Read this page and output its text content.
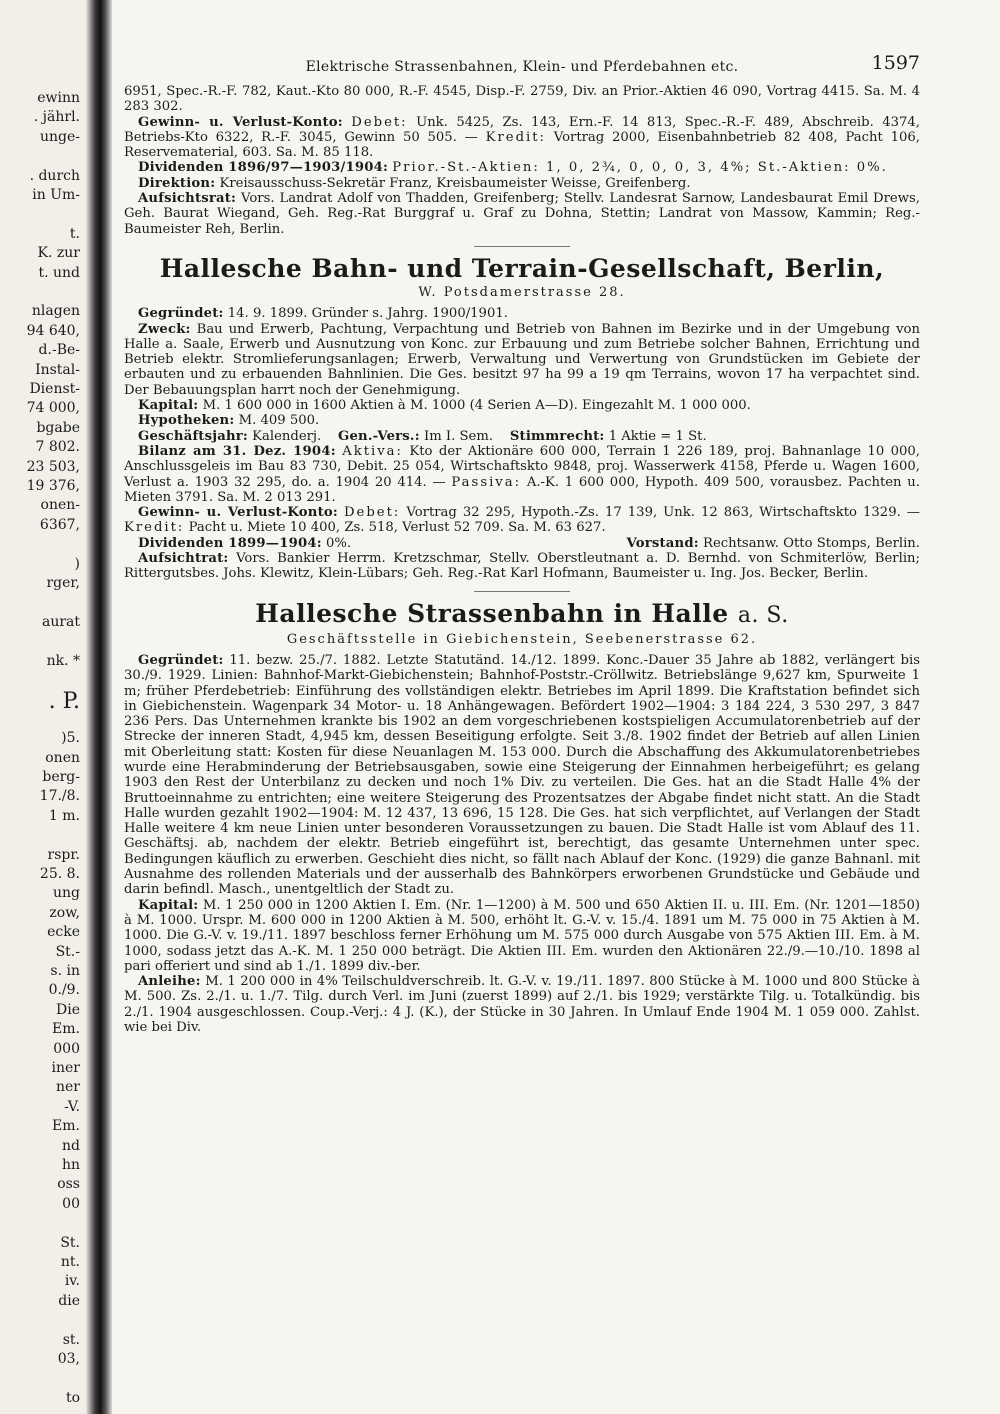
ewinn
. jährl.
unge-
. durch
in Um-
t.
K. zur
t. und
nlagen
94 640,
d.-Be-
Instal-
Dienst-
74 000,
bgabe
7 802.
23 503,
19 376,
onen-
6367,
)
rger,
aurat
nk. *
. P.
)5.
onen
berg-
17./8.
1 m.
rspr.
25. 8.
ung
zow,
ecke
St.-
s. in
0./9.
Die
Em.
000
iner
ner
-V.
Em.
nd
hn
oss
00
St.
nt.
iv.
die
st.
03,
to
Elektrische Strassenbahnen, Klein- und Pferdebahnen etc.	1597

6951, Spec.-R.-F. 782, Kaut.-Kto 80 000, R.-F. 4545, Disp.-F. 2759, Div. an Prior.-Aktien 46 090, Vortrag 4415. Sa. M. 4 283 302.

Gewinn- u. Verlust-Konto: Debet: Unk. 5425, Zs. 143, Ern.-F. 14 813, Spec.-R.-F. 489, Abschreib. 4374, Betriebs-Kto 6322, R.-F. 3045, Gewinn 50 505. — Kredit: Vortrag 2000, Eisenbahnbetrieb 82 408, Pacht 106, Reservematerial, 603. Sa. M. 85 118.

Dividenden 1896/97—1903/1904: Prior.-St.-Aktien: 1, 0, 2¾, 0, 0, 0, 3, 4%; St.-Aktien: 0%.

Direktion: Kreisausschuss-Sekretär Franz, Kreisbaumeister Weisse, Greifenberg.

Aufsichtsrat: Vors. Landrat Adolf von Thadden, Greifenberg; Stellv. Landesrat Sarnow, Landesbaurat Emil Drews, Geh. Baurat Wiegand, Geh. Reg.-Rat Burggraf u. Graf zu Dohna, Stettin; Landrat von Massow, Kammin; Reg.-Baumeister Reh, Berlin.

Hallesche Bahn- und Terrain-Gesellschaft, Berlin,
W. Potsdamerstrasse 28.

Gegründet: 14. 9. 1899. Gründer s. Jahrg. 1900/1901.

Zweck: Bau und Erwerb, Pachtung, Verpachtung und Betrieb von Bahnen im Bezirke und in der Umgebung von Halle a. Saale, Erwerb und Ausnutzung von Konc. zur Erbauung und zum Betriebe solcher Bahnen, Errichtung und Betrieb elektr. Stromlieferungsanlagen; Erwerb, Verwaltung und Verwertung von Grundstücken im Gebiete der erbauten und zu erbauenden Bahnlinien. Die Ges. besitzt 97 ha 99 a 19 qm Terrains, wovon 17 ha verpachtet sind. Der Bebauungsplan harrt noch der Genehmigung.

Kapital: M. 1 600 000 in 1600 Aktien à M. 1000 (4 Serien A—D). Eingezahlt M. 1 000 000.

Hypotheken: M. 409 500.

Geschäftsjahr: Kalenderj. Gen.-Vers.: Im I. Sem. Stimmrecht: 1 Aktie = 1 St.

Bilanz am 31. Dez. 1904: Aktiva: Kto der Aktionäre 600 000, Terrain 1 226 189, proj. Bahnanlage 10 000, Anschlussgeleis im Bau 83 730, Debit. 25 054, Wirtschaftskto 9848, proj. Wasserwerk 4158, Pferde u. Wagen 1600, Verlust a. 1903 32 295, do. a. 1904 20 414. — Passiva: A.-K. 1 600 000, Hypoth. 409 500, vorausbez. Pachten u. Mieten 3791. Sa. M. 2 013 291.

Gewinn- u. Verlust-Konto: Debet: Vortrag 32 295, Hypoth.-Zs. 17 139, Unk. 12 863, Wirtschaftskto 1329. — Kredit: Pacht u. Miete 10 400, Zs. 518, Verlust 52 709. Sa. M. 63 627.

Dividenden 1899—1904: 0%.	Vorstand: Rechtsanw. Otto Stomps, Berlin.

Aufsichtrat: Vors. Bankier Herrm. Kretzschmar, Stellv. Oberstleutnant a. D. Bernhd. von Schmiterlöw, Berlin; Rittergutsbes. Johs. Klewitz, Klein-Lübars; Geh. Reg.-Rat Karl Hofmann, Baumeister u. Ing. Jos. Becker, Berlin.

Hallesche Strassenbahn in Halle a. S.
Geschäftsstelle in Giebichenstein, Seebenerstrasse 62.

Gegründet: 11. bezw. 25./7. 1882. Letzte Statutänd. 14./12. 1899. Konc.-Dauer 35 Jahre ab 1882, verlängert bis 30./9. 1929. Linien: Bahnhof-Markt-Giebichenstein; Bahnhof-Poststr.-Cröllwitz. Betriebslänge 9,627 km, Spurweite 1 m; früher Pferdebetrieb: Einführung des vollständigen elektr. Betriebes im April 1899. Die Kraftstation befindet sich in Giebichenstein. Wagenpark 34 Motor- u. 18 Anhängewagen. Befördert 1902—1904: 3 184 224, 3 530 297, 3 847 236 Pers. Das Unternehmen krankte bis 1902 an dem vorgeschriebenen kostspieligen Accumulatorenbetrieb auf der Strecke der inneren Stadt, 4,945 km, dessen Beseitigung erfolgte. Seit 3./8. 1902 findet der Betrieb auf allen Linien mit Oberleitung statt: Kosten für diese Neuanlagen M. 153 000. Durch die Abschaffung des Akkumulatorenbetriebes wurde eine Herabminderung der Betriebsausgaben, sowie eine Steigerung der Einnahmen herbeigeführt; es gelang 1903 den Rest der Unterbilanz zu decken und noch 1% Div. zu verteilen. Die Ges. hat an die Stadt Halle 4% der Bruttoeinnahme zu entrichten; eine weitere Steigerung des Prozentsatzes der Abgabe findet nicht statt. An die Stadt Halle wurden gezahlt 1902—1904: M. 12 437, 13 696, 15 128. Die Ges. hat sich verpflichtet, auf Verlangen der Stadt Halle weitere 4 km neue Linien unter besonderen Voraussetzungen zu bauen. Die Stadt Halle ist vom Ablauf des 11. Geschäftsj. ab, nachdem der elektr. Betrieb eingeführt ist, berechtigt, das gesamte Unternehmen unter spec. Bedingungen käuflich zu erwerben. Geschieht dies nicht, so fällt nach Ablauf der Konc. (1929) die ganze Bahnanl. mit Ausnahme des rollenden Materials und der ausserhalb des Bahnkörpers erworbenen Grundstücke und Gebäude und darin befindl. Masch., unentgeltlich der Stadt zu.

Kapital: M. 1 250 000 in 1200 Aktien I. Em. (Nr. 1—1200) à M. 500 und 650 Aktien II. u. III. Em. (Nr. 1201—1850) à M. 1000. Urspr. M. 600 000 in 1200 Aktien à M. 500, erhöht lt. G.-V. v. 15./4. 1891 um M. 75 000 in 75 Aktien à M. 1000. Die G.-V. v. 19./11. 1897 beschloss ferner Erhöhung um M. 575 000 durch Ausgabe von 575 Aktien III. Em. à M. 1000, sodass jetzt das A.-K. M. 1 250 000 beträgt. Die Aktien III. Em. wurden den Aktionären 22./9.—10./10. 1898 al pari offeriert und sind ab 1./1. 1899 div.-ber.

Anleihe: M. 1 200 000 in 4% Teilschuldverschreib. lt. G.-V. v. 19./11. 1897. 800 Stücke à M. 1000 und 800 Stücke à M. 500. Zs. 2./1. u. 1./7. Tilg. durch Verl. im Juni (zuerst 1899) auf 2./1. bis 1929; verstärkte Tilg. u. Totalkündig. bis 2./1. 1904 ausgeschlossen. Coup.-Verj.: 4 J. (K.), der Stücke in 30 Jahren. In Umlauf Ende 1904 M. 1 059 000. Zahlst. wie bei Div.
